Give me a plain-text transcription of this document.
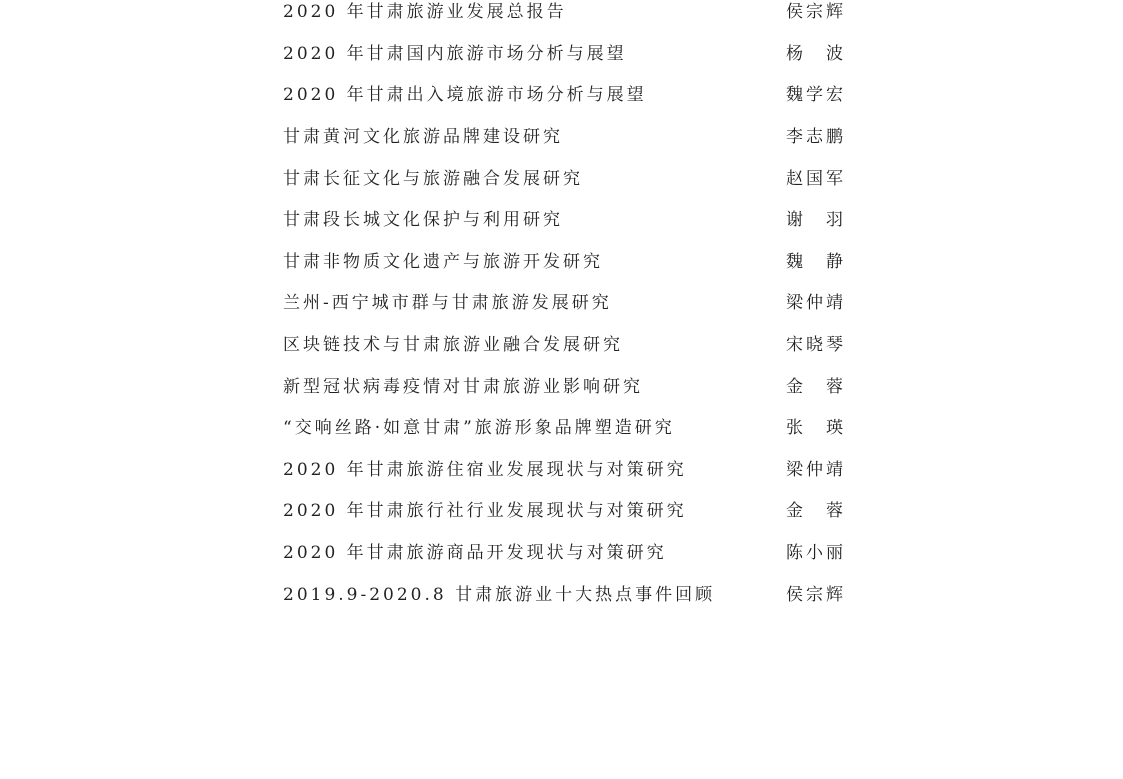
2020 年甘肃旅游业发展总报告	侯宗辉
2020 年甘肃国内旅游市场分析与展望	杨　波
2020 年甘肃出入境旅游市场分析与展望	魏学宏
甘肃黄河文化旅游品牌建设研究	李志鹏
甘肃长征文化与旅游融合发展研究	赵国军
甘肃段长城文化保护与利用研究	谢　羽
甘肃非物质文化遗产与旅游开发研究	魏　静
兰州-西宁城市群与甘肃旅游发展研究	梁仲靖
区块链技术与甘肃旅游业融合发展研究	宋晓琴
新型冠状病毒疫情对甘肃旅游业影响研究	金　蓉
“交响丝路·如意甘肃”旅游形象品牌塑造研究	张　瑛
2020 年甘肃旅游住宿业发展现状与对策研究	梁仲靖
2020 年甘肃旅行社行业发展现状与对策研究	金　蓉
2020 年甘肃旅游商品开发现状与对策研究	陈小丽
2019.9-2020.8 甘肃旅游业十大热点事件回顾	侯宗辉
